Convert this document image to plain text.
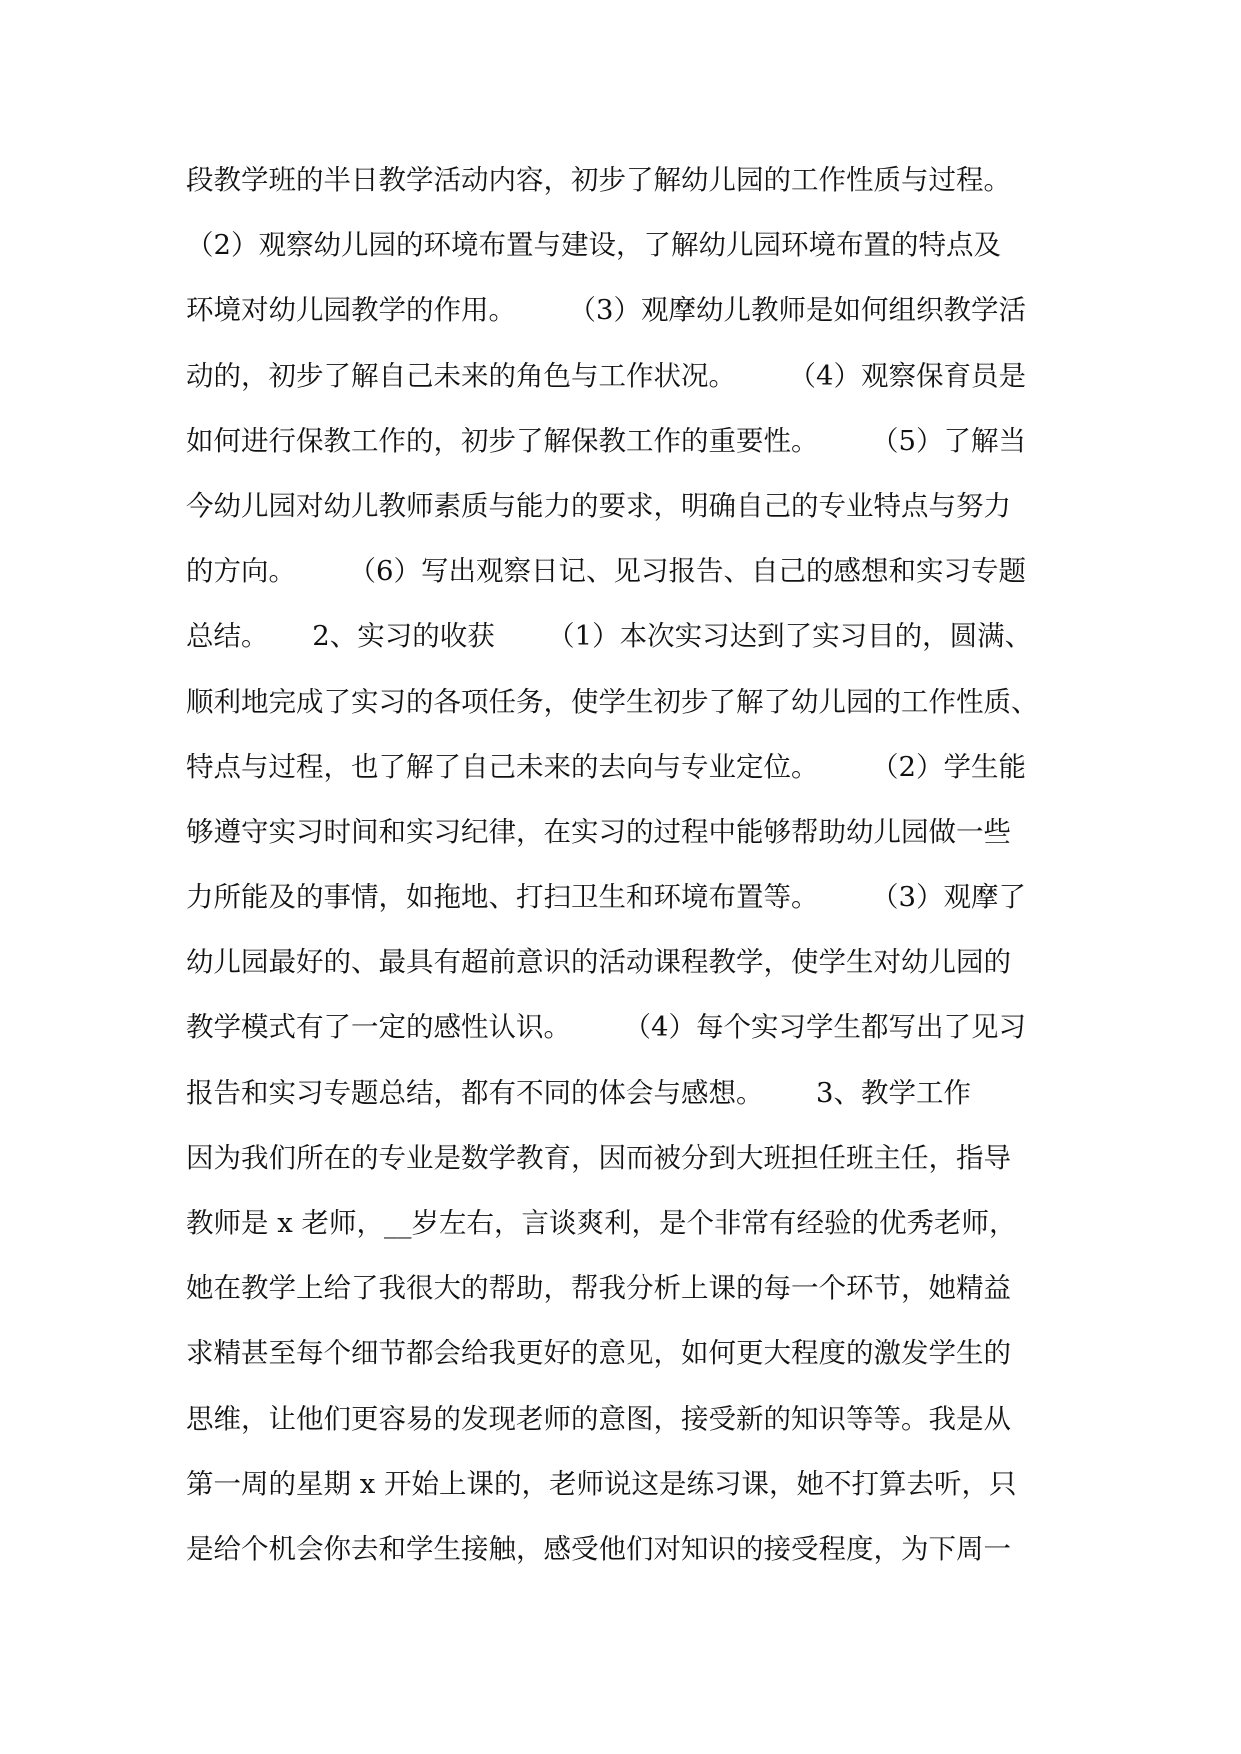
段教学班的半日教学活动内容，初步了解幼儿园的工作性质与过程。
（2）观察幼儿园的环境布置与建设，了解幼儿园环境布置的特点及
环境对幼儿园教学的作用。      （3）观摩幼儿教师是如何组织教学活
动的，初步了解自己未来的角色与工作状况。      （4）观察保育员是
如何进行保教工作的，初步了解保教工作的重要性。      （5）了解当
今幼儿园对幼儿教师素质与能力的要求，明确自己的专业特点与努力
的方向。      （6）写出观察日记、见习报告、自己的感想和实习专题
总结。     2、实习的收获      （1）本次实习达到了实习目的，圆满、
顺利地完成了实习的各项任务，使学生初步了解了幼儿园的工作性质、
特点与过程，也了解了自己未来的去向与专业定位。      （2）学生能
够遵守实习时间和实习纪律，在实习的过程中能够帮助幼儿园做一些
力所能及的事情，如拖地、打扫卫生和环境布置等。      （3）观摩了
幼儿园最好的、最具有超前意识的活动课程教学，使学生对幼儿园的
教学模式有了一定的感性认识。      （4）每个实习学生都写出了见习
报告和实习专题总结，都有不同的体会与感想。      3、教学工作
因为我们所在的专业是数学教育，因而被分到大班担任班主任，指导
教师是 x 老师，__岁左右，言谈爽利，是个非常有经验的优秀老师，
她在教学上给了我很大的帮助，帮我分析上课的每一个环节，她精益
求精甚至每个细节都会给我更好的意见，如何更大程度的激发学生的
思维，让他们更容易的发现老师的意图，接受新的知识等等。我是从
第一周的星期 x 开始上课的，老师说这是练习课，她不打算去听，只
是给个机会你去和学生接触，感受他们对知识的接受程度，为下周一
